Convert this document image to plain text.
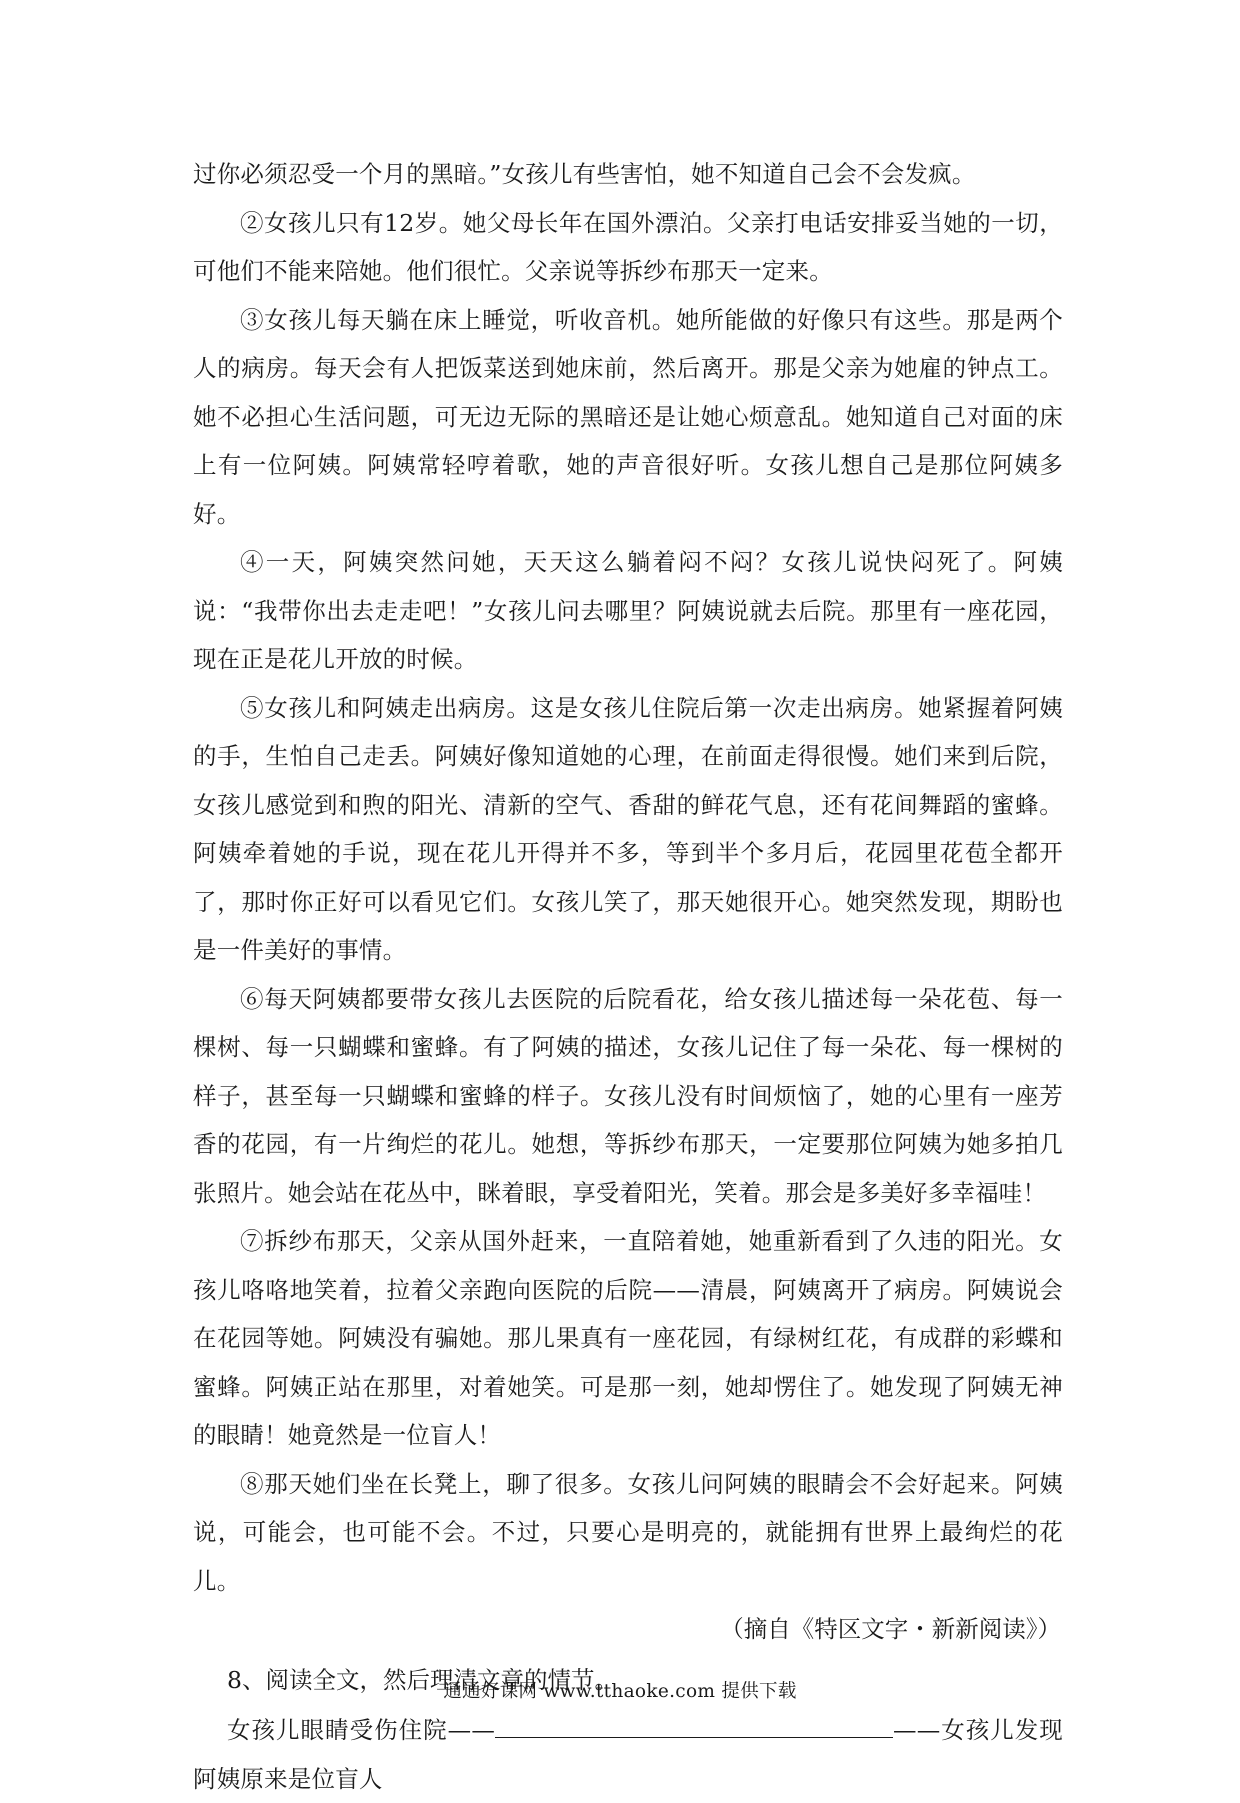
过你必须忍受一个月的黑暗。”女孩儿有些害怕，她不知道自己会不会发疯。

②女孩儿只有12岁。她父母长年在国外漂泊。父亲打电话安排妥当她的一切，可他们不能来陪她。他们很忙。父亲说等拆纱布那天一定来。

③女孩儿每天躺在床上睡觉，听收音机。她所能做的好像只有这些。那是两个人的病房。每天会有人把饭菜送到她床前，然后离开。那是父亲为她雇的钟点工。她不必担心生活问题，可无边无际的黑暗还是让她心烦意乱。她知道自己对面的床上有一位阿姨。阿姨常轻哼着歌，她的声音很好听。女孩儿想自己是那位阿姨多好。

④一天，阿姨突然问她，天天这么躺着闷不闷？女孩儿说快闷死了。阿姨说：“我带你出去走走吧！”女孩儿问去哪里？阿姨说就去后院。那里有一座花园，现在正是花儿开放的时候。

⑤女孩儿和阿姨走出病房。这是女孩儿住院后第一次走出病房。她紧握着阿姨的手，生怕自己走丢。阿姨好像知道她的心理，在前面走得很慢。她们来到后院，女孩儿感觉到和煦的阳光、清新的空气、香甜的鲜花气息，还有花间舞蹈的蜜蜂。阿姨牵着她的手说，现在花儿开得并不多，等到半个多月后，花园里花苞全都开了，那时你正好可以看见它们。女孩儿笑了，那天她很开心。她突然发现，期盼也是一件美好的事情。

⑥每天阿姨都要带女孩儿去医院的后院看花，给女孩儿描述每一朵花苞、每一棵树、每一只蝴蝶和蜜蜂。有了阿姨的描述，女孩儿记住了每一朵花、每一棵树的样子，甚至每一只蝴蝶和蜜蜂的样子。女孩儿没有时间烦恼了，她的心里有一座芳香的花园，有一片绚烂的花儿。她想，等拆纱布那天，一定要那位阿姨为她多拍几张照片。她会站在花丛中，眯着眼，享受着阳光，笑着。那会是多美好多幸福哇！

⑦拆纱布那天，父亲从国外赶来，一直陪着她，她重新看到了久违的阳光。女孩儿咯咯地笑着，拉着父亲跑向医院的后院——清晨，阿姨离开了病房。阿姨说会在花园等她。阿姨没有骗她。那儿果真有一座花园，有绿树红花，有成群的彩蝶和蜜蜂。阿姨正站在那里，对着她笑。可是那一刻，她却愣住了。她发现了阿姨无神的眼睛！她竟然是一位盲人！

⑧那天她们坐在长凳上，聊了很多。女孩儿问阿姨的眼睛会不会好起来。阿姨说，可能会，也可能不会。不过，只要心是明亮的，就能拥有世界上最绚烂的花儿。

（摘自《特区文字・新新阅读》）

8、阅读全文，然后理清文章的情节。

女孩儿眼睛受伤住院——	——女孩儿发现阿姨原来是位盲人

通通好课网 www.tthaoke.com 提供下载
